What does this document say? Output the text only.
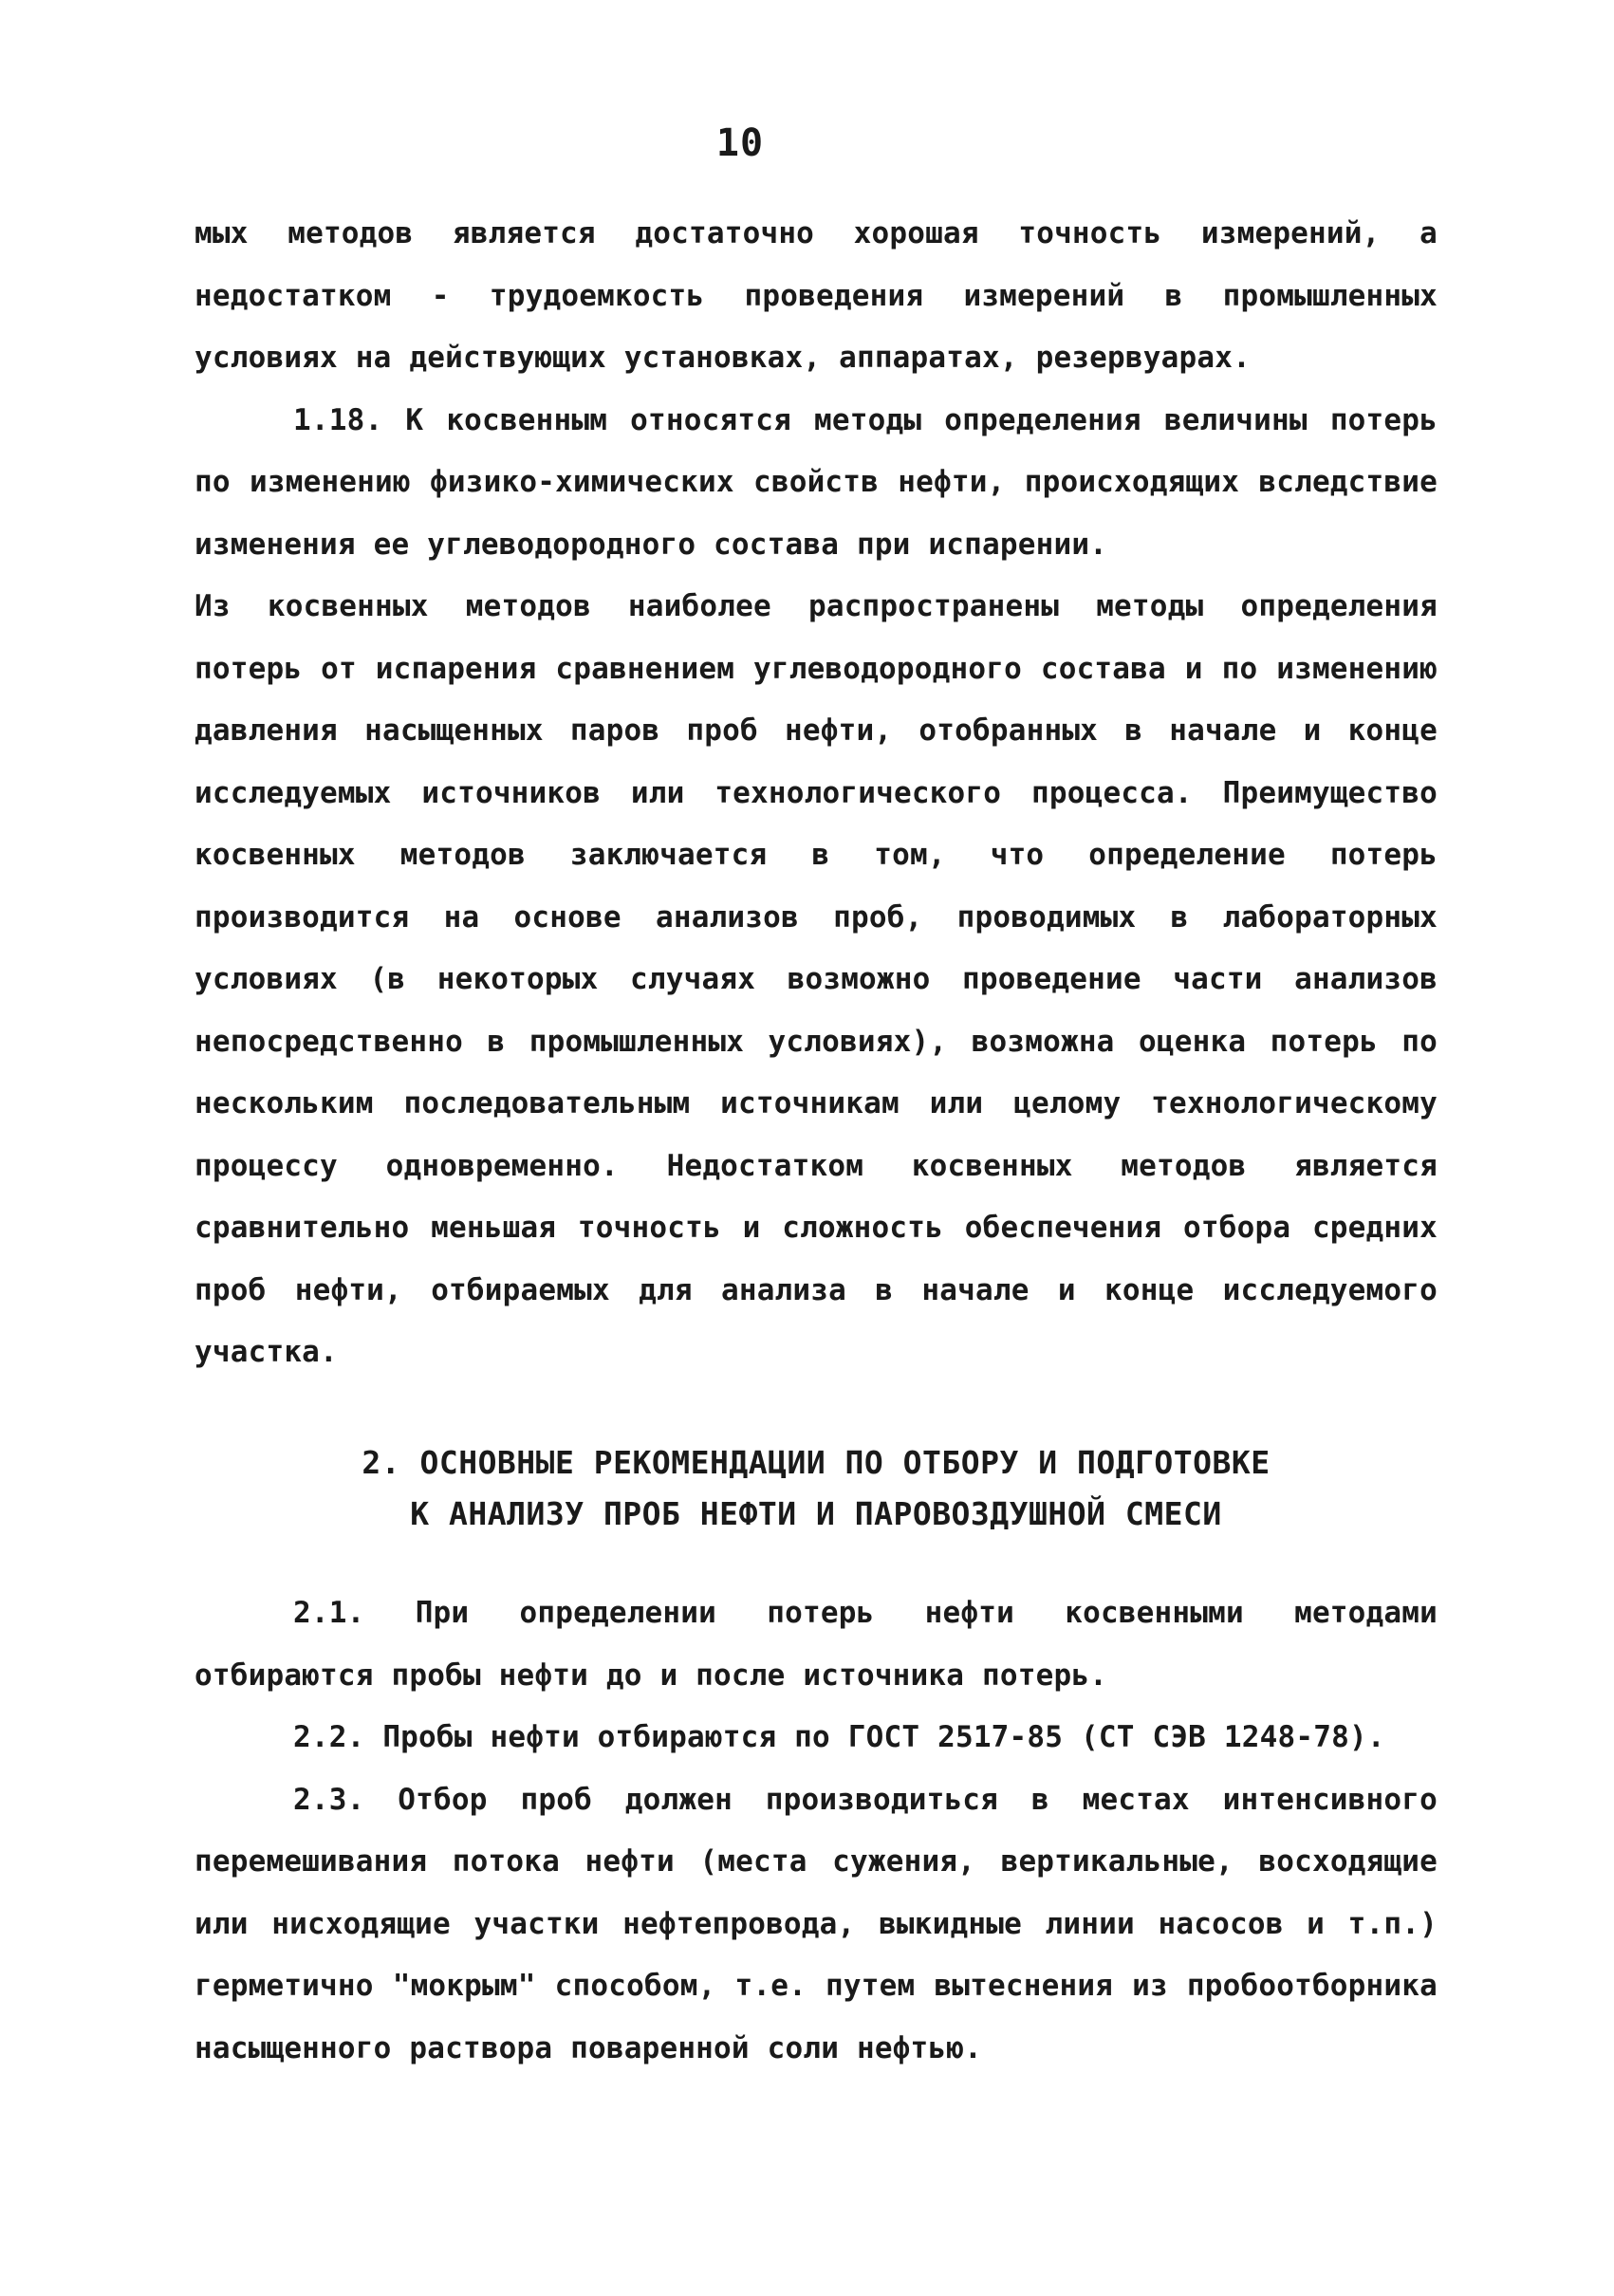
10

мых методов является достаточно хорошая точность измерений, а недостатком - трудоемкость проведения измерений в промышленных условиях на действующих установках, аппаратах, резервуарах.

1.18. К косвенным относятся методы определения величины потерь по изменению физико-химических свойств нефти, происходящих вследствие изменения ее углеводородного состава при испарении.

Из косвенных методов наиболее распространены методы определения потерь от испарения сравнением углеводородного состава и по изменению давления насыщенных паров проб нефти, отобранных в начале и конце исследуемых источников или технологического процесса. Преимущество косвенных методов заключается в том, что определение потерь производится на основе анализов проб, проводимых в лабораторных условиях (в некоторых случаях возможно проведение части анализов непосредственно в промышленных условиях), возможна оценка потерь по нескольким последовательным источникам или целому технологическому процессу одновременно. Недостатком косвенных методов является сравнительно меньшая точность и сложность обеспечения отбора средних проб нефти, отбираемых для анализа в начале и конце исследуемого участка.

2. ОСНОВНЫЕ РЕКОМЕНДАЦИИ ПО ОТБОРУ И ПОДГОТОВКЕ
К АНАЛИЗУ ПРОБ НЕФТИ И ПАРОВОЗДУШНОЙ СМЕСИ

2.1. При определении потерь нефти косвенными методами отбираются пробы нефти до и после источника потерь.

2.2. Пробы нефти отбираются по ГОСТ 2517-85 (СТ СЭВ 1248-78).

2.3. Отбор проб должен производиться в местах интенсивного перемешивания потока нефти (места сужения, вертикальные, восходящие или нисходящие участки нефтепровода, выкидные линии насосов и т.п.) герметично "мокрым" способом, т.е. путем вытеснения из пробоотборника насыщенного раствора поваренной соли нефтью.
